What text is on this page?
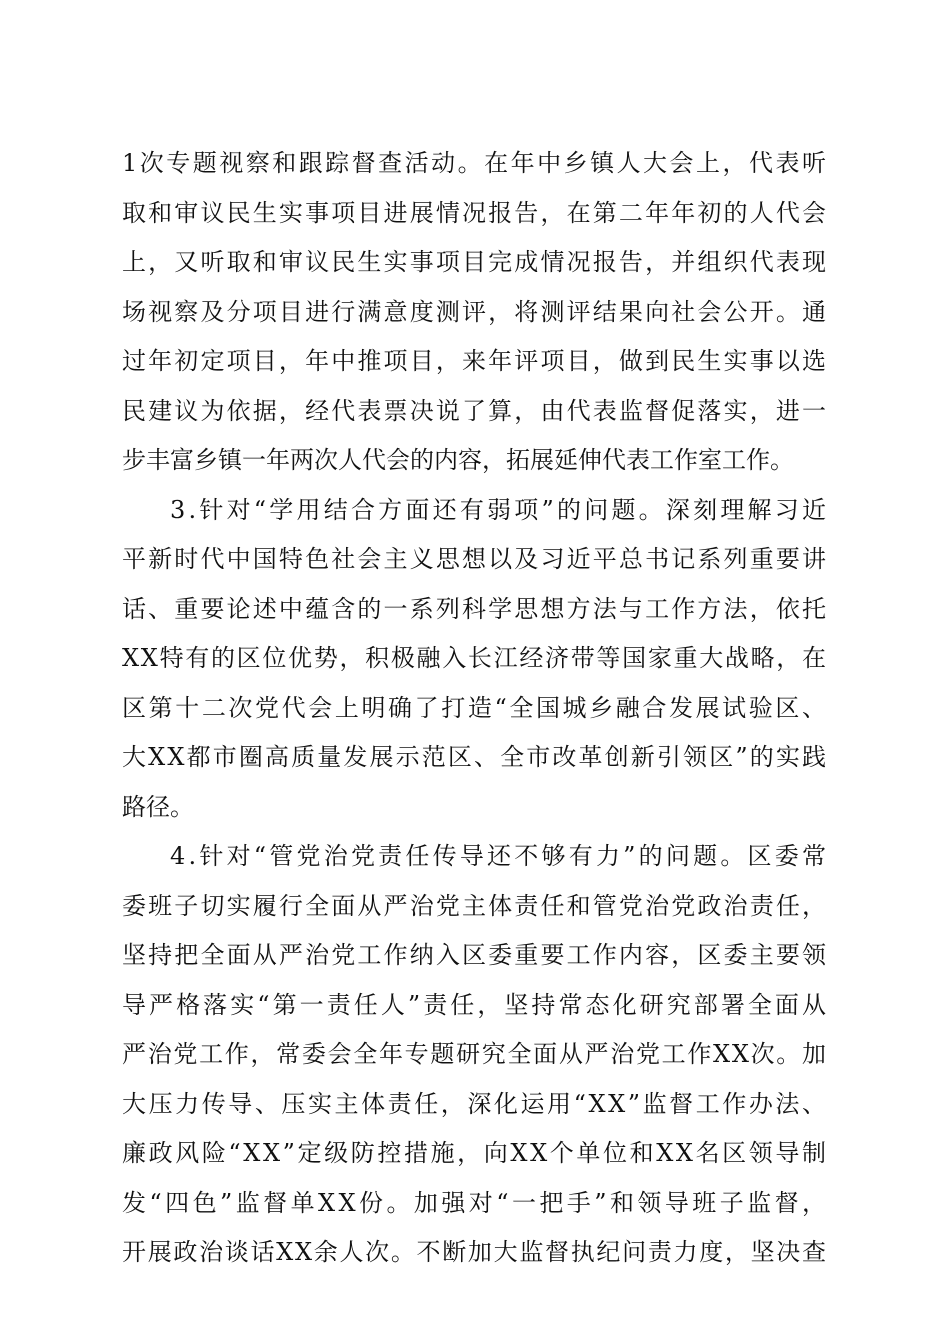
1次专题视察和跟踪督查活动。在年中乡镇人大会上，代表听
取和审议民生实事项目进展情况报告，在第二年年初的人代会
上，又听取和审议民生实事项目完成情况报告，并组织代表现
场视察及分项目进行满意度测评，将测评结果向社会公开。通
过年初定项目，年中推项目，来年评项目，做到民生实事以选
民建议为依据，经代表票决说了算，由代表监督促落实，进一
步丰富乡镇一年两次人代会的内容，拓展延伸代表工作室工作。
3.针对“学用结合方面还有弱项”的问题。深刻理解习近
平新时代中国特色社会主义思想以及习近平总书记系列重要讲
话、重要论述中蕴含的一系列科学思想方法与工作方法，依托
XX特有的区位优势，积极融入长江经济带等国家重大战略，在
区第十二次党代会上明确了打造“全国城乡融合发展试验区、
大XX都市圈高质量发展示范区、全市改革创新引领区”的实践
路径。
4.针对“管党治党责任传导还不够有力”的问题。区委常
委班子切实履行全面从严治党主体责任和管党治党政治责任，
坚持把全面从严治党工作纳入区委重要工作内容，区委主要领
导严格落实“第一责任人”责任，坚持常态化研究部署全面从
严治党工作，常委会全年专题研究全面从严治党工作XX次。加
大压力传导、压实主体责任，深化运用“XX”监督工作办法、
廉政风险“XX”定级防控措施，向XX个单位和XX名区领导制
发“四色”监督单XX份。加强对“一把手”和领导班子监督，
开展政治谈话XX余人次。不断加大监督执纪问责力度，坚决查
